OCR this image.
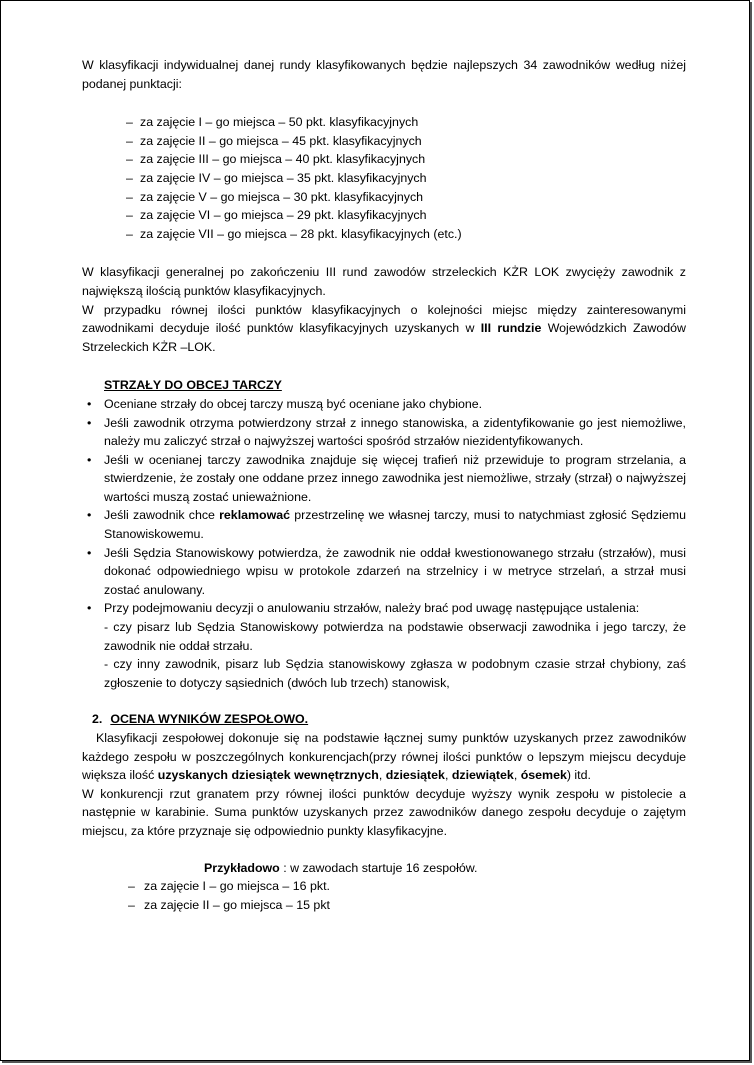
W klasyfikacji indywidualnej danej rundy klasyfikowanych będzie najlepszych 34 zawodników według niżej podanej punktacji:

– za zajęcie I – go miejsca – 50 pkt. klasyfikacyjnych
– za zajęcie II – go miejsca – 45 pkt. klasyfikacyjnych
– za zajęcie III – go miejsca – 40 pkt. klasyfikacyjnych
– za zajęcie IV – go miejsca – 35 pkt. klasyfikacyjnych
– za zajęcie V – go miejsca – 30 pkt. klasyfikacyjnych
– za zajęcie VI – go miejsca – 29 pkt. klasyfikacyjnych
– za zajęcie VII – go miejsca – 28 pkt. klasyfikacyjnych (etc.)

W klasyfikacji generalnej po zakończeniu III rund zawodów strzeleckich KŻR LOK zwycięży zawodnik z największą ilością punktów klasyfikacyjnych.

W przypadku równej ilości punktów klasyfikacyjnych o kolejności miejsc między zainteresowanymi zawodnikami decyduje ilość punktów klasyfikacyjnych uzyskanych w III rundzie Wojewódzkich Zawodów Strzeleckich KŻR –LOK.

STRZAŁY DO OBCEJ TARCZY

• Oceniane strzały do obcej tarczy muszą być oceniane jako chybione.
• Jeśli zawodnik otrzyma potwierdzony strzał z innego stanowiska, a zidentyfikowanie go jest niemożliwe, należy mu zaliczyć strzał o najwyższej wartości spośród strzałów niezidentyfikowanych.
• Jeśli w ocenianej tarczy zawodnika znajduje się więcej trafień niż przewiduje to program strzelania, a stwierdzenie, że zostały one oddane przez innego zawodnika jest niemożliwe, strzały (strzał) o najwyższej wartości muszą zostać unieważnione.
• Jeśli zawodnik chce reklamować przestrzelinę we własnej tarczy, musi to natychmiast zgłosić Sędziemu Stanowiskowemu.
• Jeśli Sędzia Stanowiskowy potwierdza, że zawodnik nie oddał kwestionowanego strzału (strzałów), musi dokonać odpowiedniego wpisu w protokole zdarzeń na strzelnicy i w metryce strzelań, a strzał musi zostać anulowany.
• Przy podejmowaniu decyzji o anulowaniu strzałów, należy brać pod uwagę następujące ustalenia:
- czy pisarz lub Sędzia Stanowiskowy potwierdza na podstawie obserwacji zawodnika i jego tarczy, że zawodnik nie oddał strzału.
- czy inny zawodnik, pisarz lub Sędzia stanowiskowy zgłasza w podobnym czasie strzał chybiony, zaś zgłoszenie to dotyczy sąsiednich (dwóch lub trzech) stanowisk,

2. OCENA WYNIKÓW ZESPOŁOWO.

Klasyfikacji zespołowej dokonuje się na podstawie łącznej sumy punktów uzyskanych przez zawodników każdego zespołu w poszczególnych konkurencjach(przy równej ilości punktów o lepszym miejscu decyduje większa ilość uzyskanych dziesiątek wewnętrznych, dziesiątek, dziewiątek, ósemek) itd.

W konkurencji rzut granatem przy równej ilości punktów decyduje wyższy wynik zespołu w pistolecie a następnie w karabinie. Suma punktów uzyskanych przez zawodników danego zespołu decyduje o zajętym miejscu, za które przyznaje się odpowiednio punkty klasyfikacyjne.

Przykładowo : w zawodach startuje 16 zespołów.

– za zajęcie I – go miejsca – 16 pkt.
– za zajęcie II – go miejsca – 15 pkt
